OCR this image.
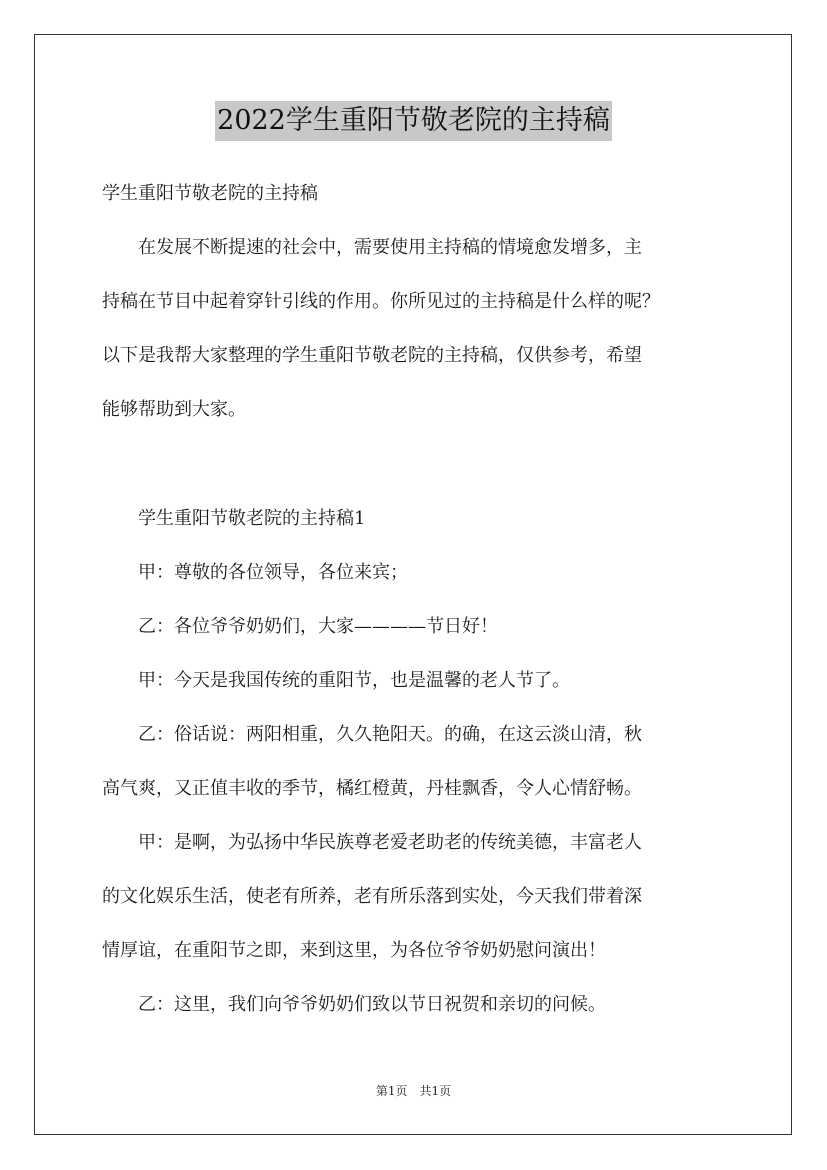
2022学生重阳节敬老院的主持稿
学生重阳节敬老院的主持稿
　　在发展不断提速的社会中，需要使用主持稿的情境愈发增多，主
持稿在节目中起着穿针引线的作用。你所见过的主持稿是什么样的呢？
以下是我帮大家整理的学生重阳节敬老院的主持稿，仅供参考，希望
能够帮助到大家。
　　学生重阳节敬老院的主持稿1
　　甲：尊敬的各位领导，各位来宾；
　　乙：各位爷爷奶奶们，大家————节日好！
　　甲：今天是我国传统的重阳节，也是温馨的老人节了。
　　乙：俗话说：两阳相重，久久艳阳天。的确，在这云淡山清，秋
高气爽，又正值丰收的季节，橘红橙黄，丹桂飘香，令人心情舒畅。
　　甲：是啊，为弘扬中华民族尊老爱老助老的传统美德，丰富老人
的文化娱乐生活，使老有所养，老有所乐落到实处，今天我们带着深
情厚谊，在重阳节之即，来到这里，为各位爷爷奶奶慰问演出！
　　乙：这里，我们向爷爷奶奶们致以节日祝贺和亲切的问候。
第1页　共1页
